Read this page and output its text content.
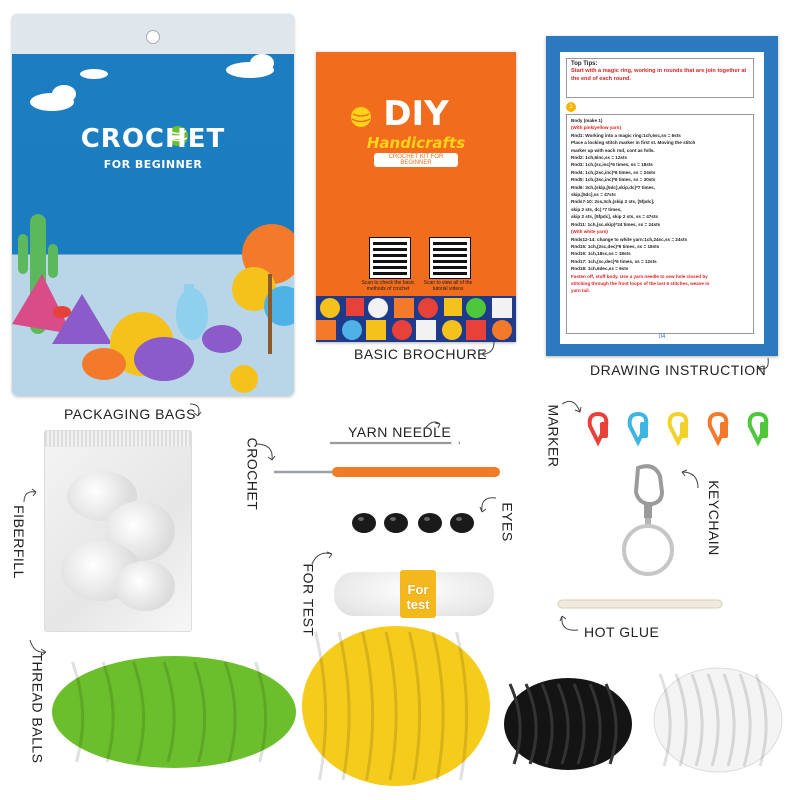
CROCHET
FOR BEGINNER
PACKAGING BAGS
DIY
Handicrafts
CROCHET KIT FOR BEGINNER
Scan to check the basic methods of crochet
Scan to view all of the tutorial videos
BASIC BROCHURE
Top Tips:
Start with a magic ring, working in rounds that are join together at the end of each round.
1
Body (make 1)
(With pink/yellow yarn)
Rnd1: Working into a magic ring:1ch,6sc,ss = 6sts
Place a locking stitch marker in first st. Moving the stitch
marker up with each rnd, cont as folls.
Rnd2: 1ch,6inc,ss = 12sts
Rnd3: 1ch,(sc,inc)*6 times, ss = 18sts
Rnd4: 1ch,(2sc,inc)*6 times, ss = 24sts
Rnd5: 1ch,(3sc,inc)*6 times, ss = 30sts
Rnd6: 3ch,(skip,[5dc],skip,dc)*7 times,
skip,[5dc],ss = 47sts
Rnds7-10: 2ss,3ch,(skip 2 sts, [5fpdc],
skip 2 sts, dc) *7 times,
skip 2 sts, [5fpdc], skip 2 sts, ss = 47sts
Rnd11: 1ch,(sc,skip)*24 times, ss = 24sts
(With white yarn)
Rnds12-14: change to white yarn:1ch,24sc,ss = 24sts
Rnd15: 1ch,(2sc,dec)*6 times, ss = 18sts
Rnd16: 1ch,18sc,ss = 18sts
Rnd17: 1ch,(sc,dec)*6 times, ss = 12sts
Rnd18: 1ch,6dec,ss = 6sts
Fasten off, stuff body. Use a yarn needle to sew hole closed by
stitching through the front loops of the last 6 stitches, weave in
yarn tail.
04
DRAWING INSTRUCTION
FIBERFILL
YARN NEEDLE
CROCHET
EYES
MARKER
KEYCHAIN
FOR TEST	For test
HOT GLUE
THREAD BALLS
